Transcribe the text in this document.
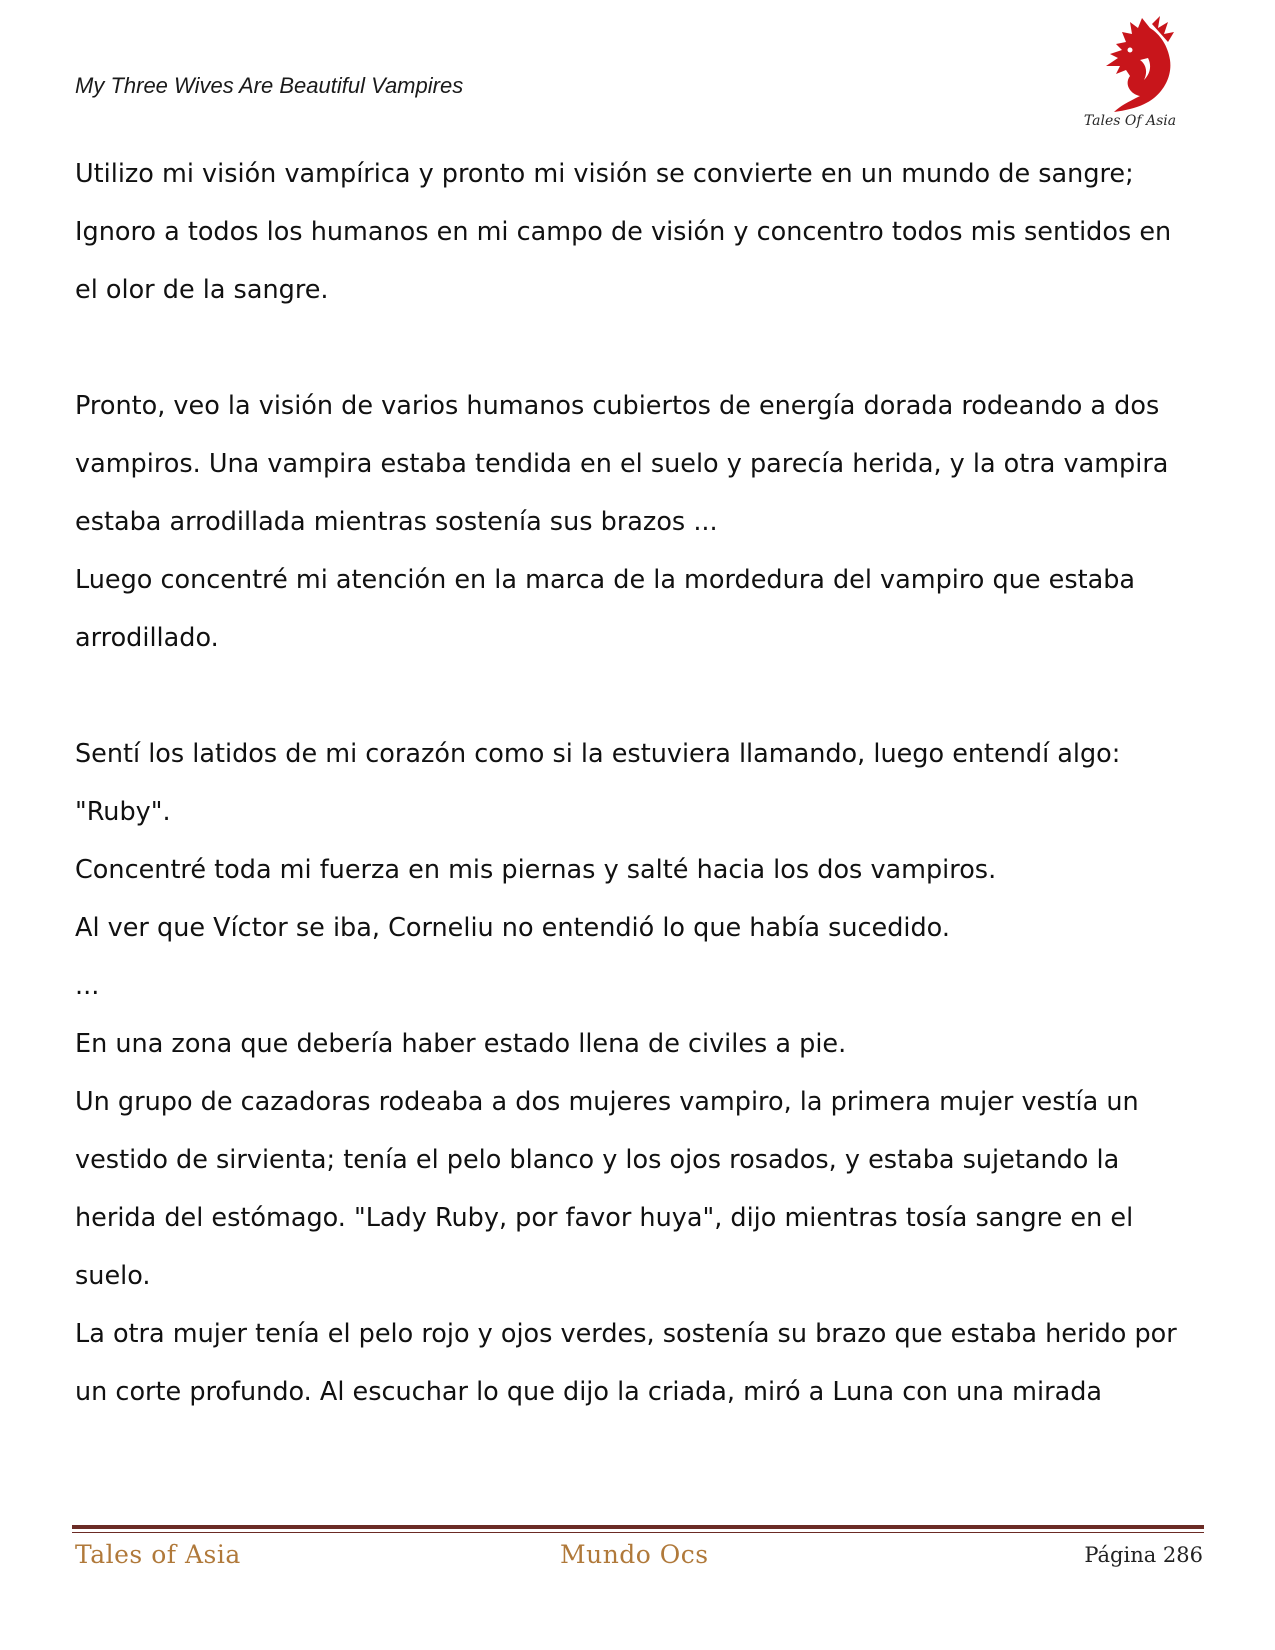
My Three Wives Are Beautiful Vampires
Tales Of Asia
Utilizo mi visión vampírica y pronto mi visión se convierte en un mundo de sangre;
Ignoro a todos los humanos en mi campo de visión y concentro todos mis sentidos en
el olor de la sangre.
Pronto, veo la visión de varios humanos cubiertos de energía dorada rodeando a dos
vampiros. Una vampira estaba tendida en el suelo y parecía herida, y la otra vampira
estaba arrodillada mientras sostenía sus brazos ...
Luego concentré mi atención en la marca de la mordedura del vampiro que estaba
arrodillado.
Sentí los latidos de mi corazón como si la estuviera llamando, luego entendí algo:
"Ruby".
Concentré toda mi fuerza en mis piernas y salté hacia los dos vampiros.
Al ver que Víctor se iba, Corneliu no entendió lo que había sucedido.
...
En una zona que debería haber estado llena de civiles a pie.
Un grupo de cazadoras rodeaba a dos mujeres vampiro, la primera mujer vestía un
vestido de sirvienta; tenía el pelo blanco y los ojos rosados, y estaba sujetando la
herida del estómago. "Lady Ruby, por favor huya", dijo mientras tosía sangre en el
suelo.
La otra mujer tenía el pelo rojo y ojos verdes, sostenía su brazo que estaba herido por
un corte profundo. Al escuchar lo que dijo la criada, miró a Luna con una mirada
Tales of Asia	Mundo Ocs	Página 286
